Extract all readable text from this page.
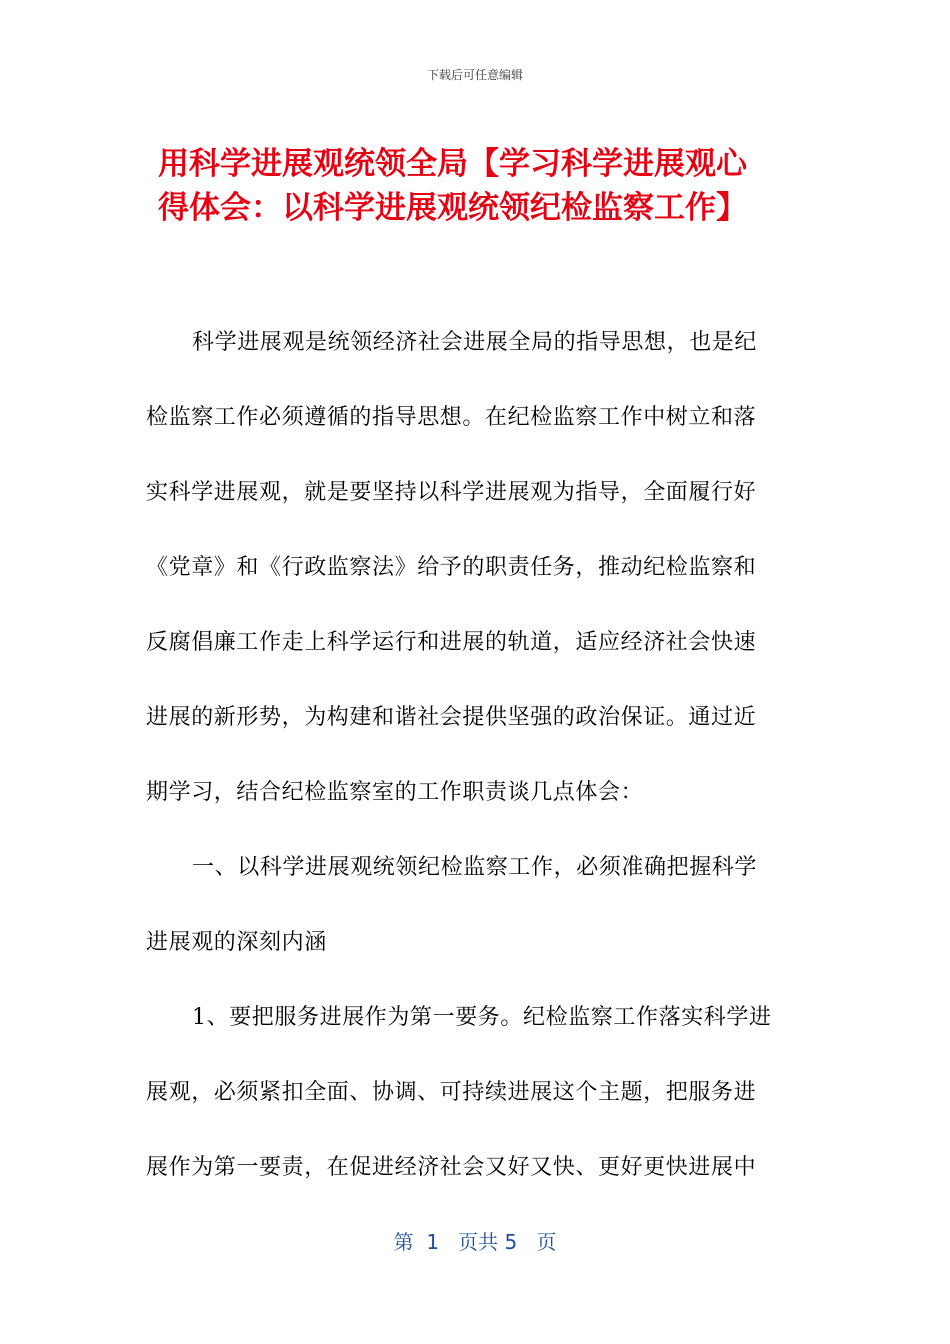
下载后可任意编辑
用科学进展观统领全局【学习科学进展观心
得体会：以科学进展观统领纪检监察工作】
科学进展观是统领经济社会进展全局的指导思想，也是纪
检监察工作必须遵循的指导思想。在纪检监察工作中树立和落
实科学进展观，就是要坚持以科学进展观为指导，全面履行好
《党章》和《行政监察法》给予的职责任务，推动纪检监察和
反腐倡廉工作走上科学运行和进展的轨道，适应经济社会快速
进展的新形势，为构建和谐社会提供坚强的政治保证。通过近
期学习，结合纪检监察室的工作职责谈几点体会：
一、以科学进展观统领纪检监察工作，必须准确把握科学
进展观的深刻内涵
1、要把服务进展作为第一要务。纪检监察工作落实科学进
展观，必须紧扣全面、协调、可持续进展这个主题，把服务进
展作为第一要责，在促进经济社会又好又快、更好更快进展中
第  1   页共 5   页
